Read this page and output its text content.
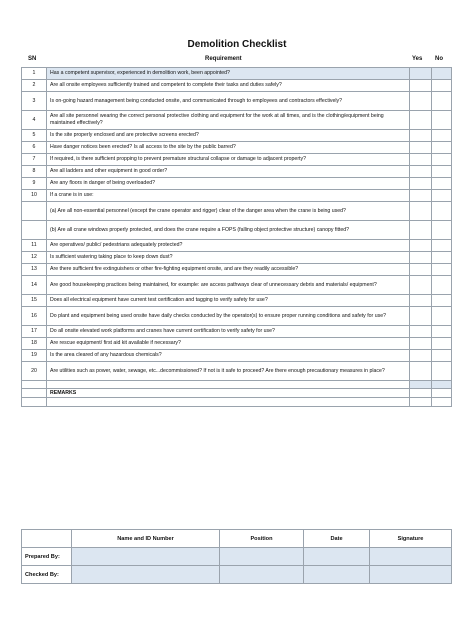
Demolition Checklist
SN	Requirement	Yes No
1	Has a competent supervisor, experienced in demolition work, been appointed?		
2	Are all onsite employees sufficiently trained and competent to complete their tasks and duties safely?		
3	Is on-going hazard management being conducted onsite, and communicated through to employees and contractors effectively?		
4	Are all site personnel wearing the correct personal protective clothing and equipment for the work at all times, and is the clothing/equipment being maintained effectively?		
5	Is the site properly enclosed and are protective screens erected?		
6	Have danger notices been erected? Is all access to the site by the public barred?		
7	If required, is there sufficient propping to prevent premature structural collapse or damage to adjacent property?		
8	Are all ladders and other equipment in good order?		
9	Are any floors in danger of being overloaded?		
10	If a crane is in use:		
	(a) Are all non-essential personnel (except the crane operator and rigger) clear of the danger area when the crane is being used?		
	(b) Are all crane windows properly protected, and does the crane require a FOPS (falling object protective structure) canopy fitted?		
11	Are operatives/ public/ pedestrians adequately protected?		
12	Is sufficient watering taking place to keep down dust?		
13	Are there sufficient fire extinguishers or other fire-fighting equipment onsite, and are they readily accessible?		
14	Are good housekeeping practices being maintained, for example: are access pathways clear of unnecessary debris and materials/ equipment?		
15	Does all electrical equipment have current test certification and tagging to verify safety for use?		
16	Do plant and equipment being used onsite have daily checks conducted by the operator(s) to ensure proper running conditions and safety for use?		
17	Do all onsite elevated work platforms and cranes have current certification to verify safety for use?		
18	Are rescue equipment/ first aid kit available if necessary?		
19	Is the area cleared of any hazardous chemicals?		
20	Are utilities such as power, water, sewage, etc...decommissioned? If not is it safe to proceed? Are there enough precautionary measures in place?		

	REMARKS		

	Name and ID Number	Position	Date	Signature
Prepared By:				
Checked By:				
